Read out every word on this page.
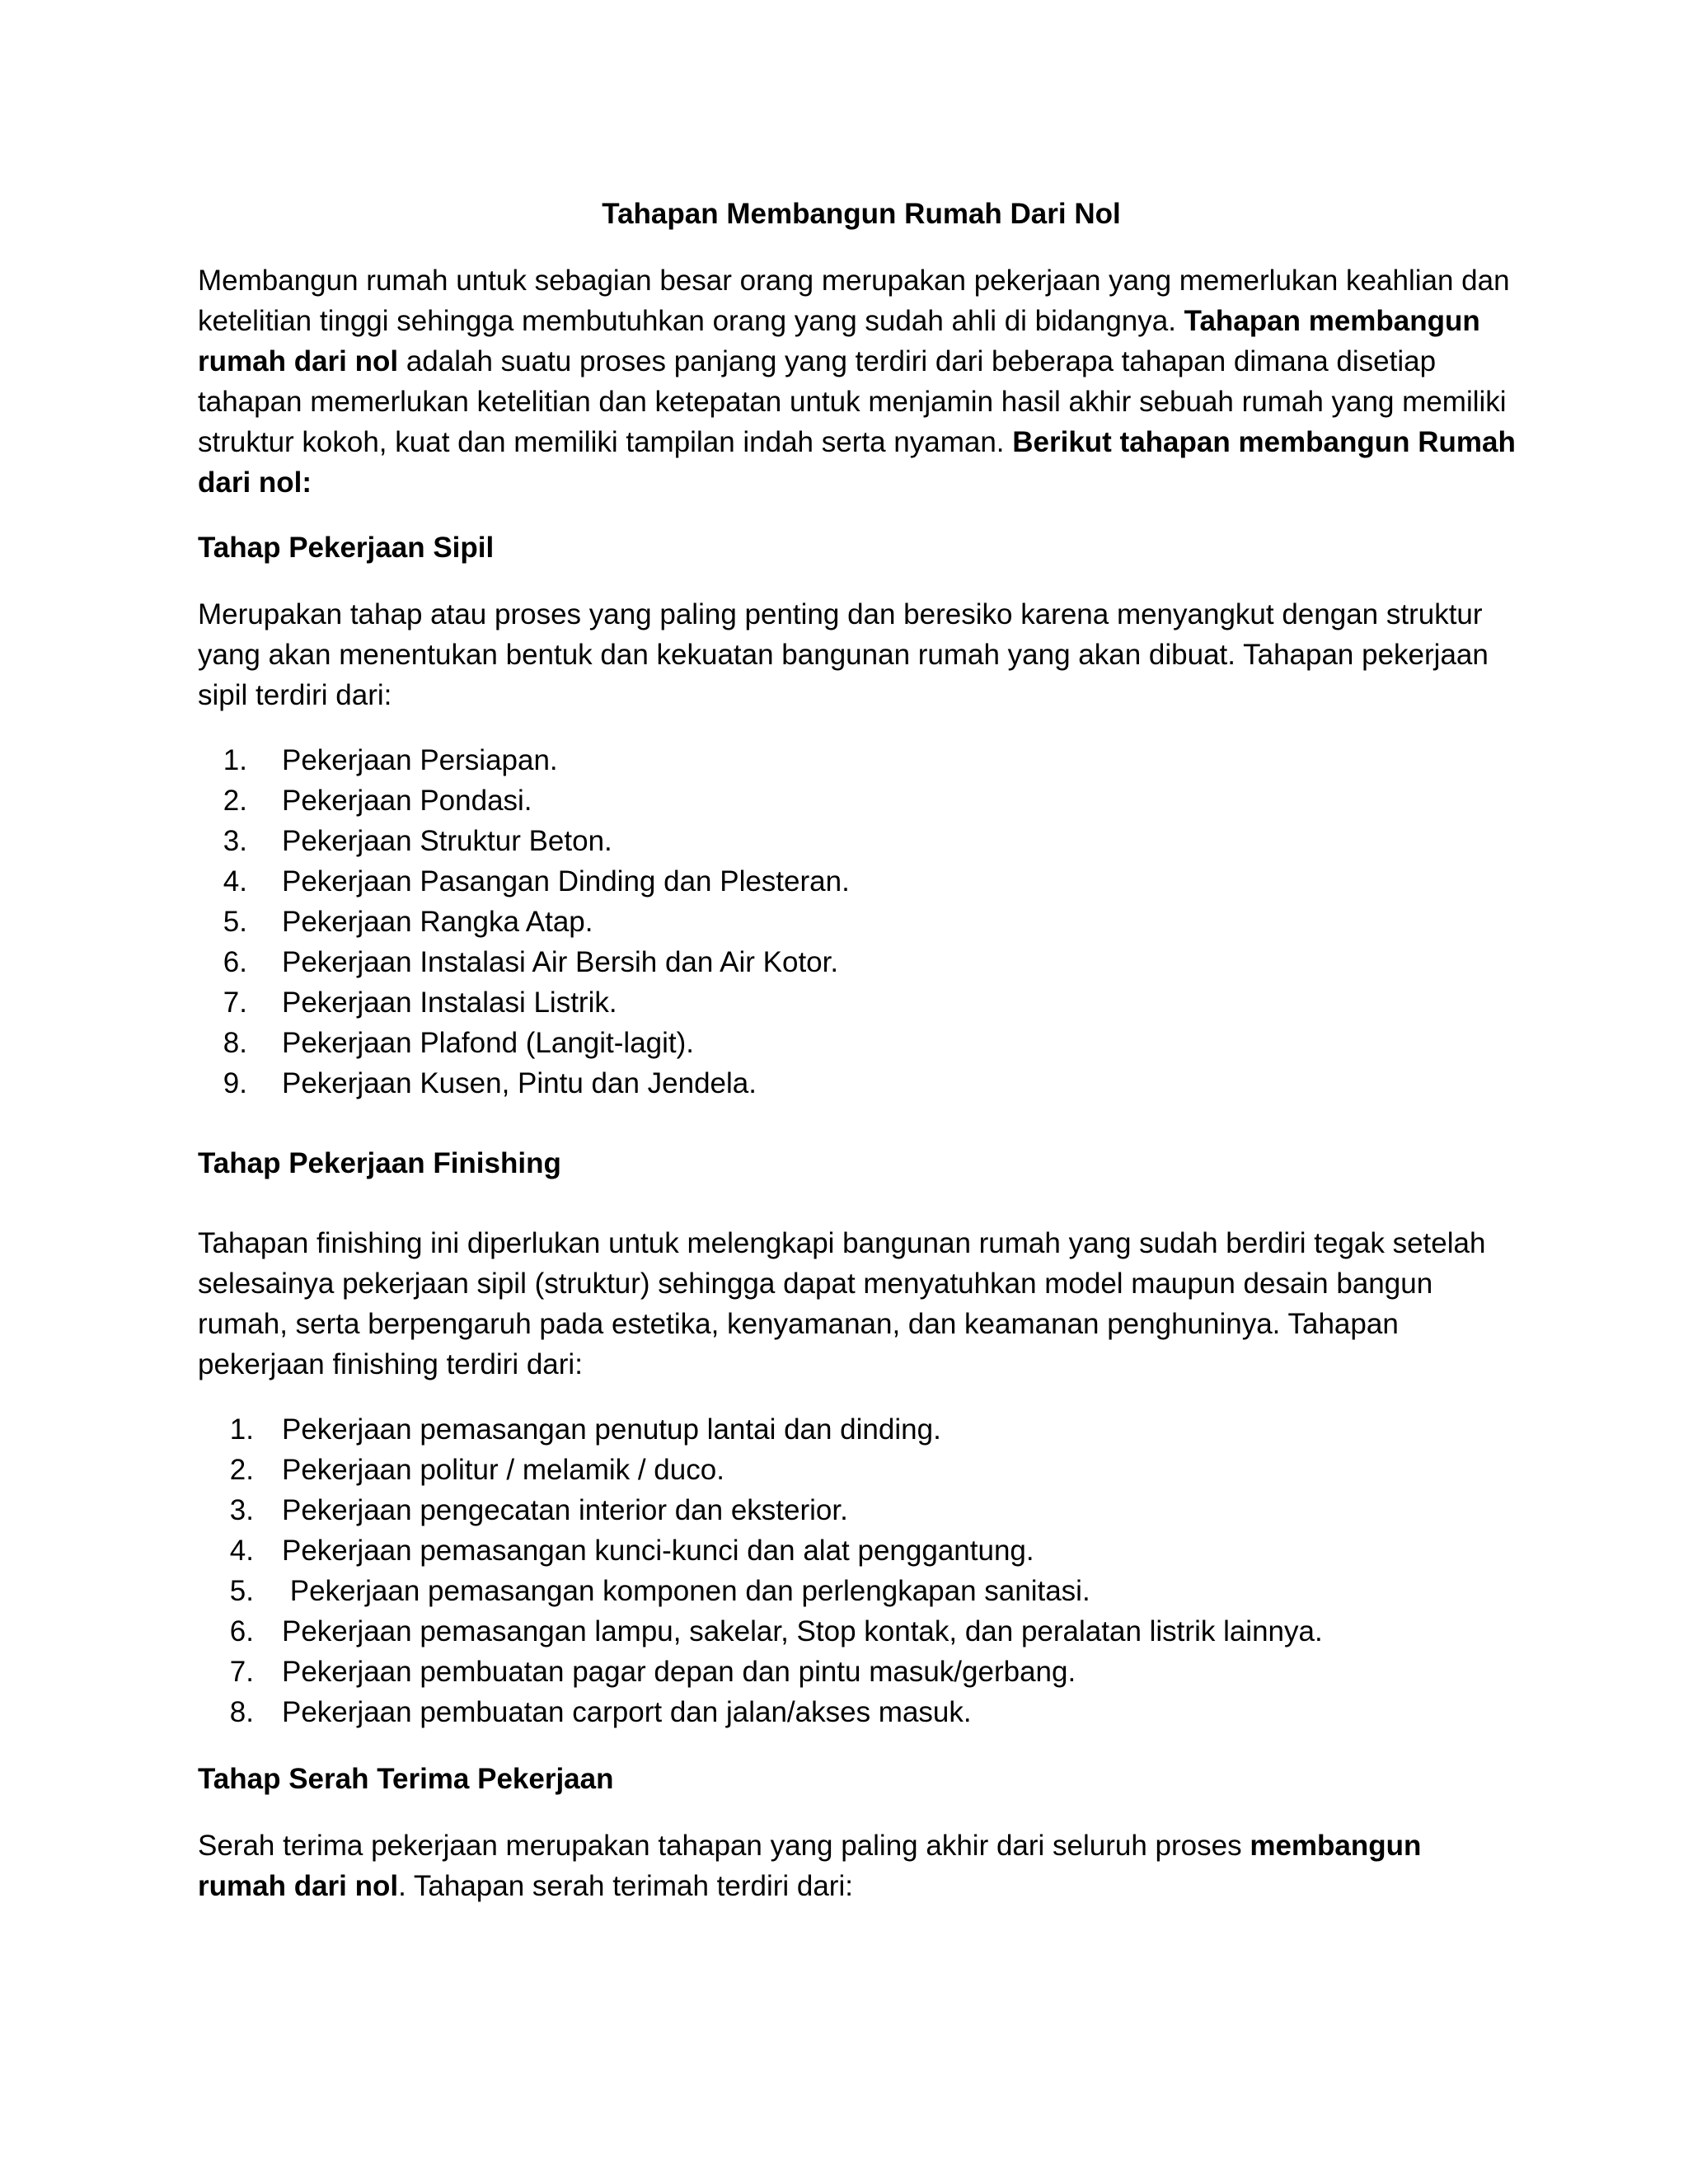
Tahapan Membangun Rumah Dari Nol

Membangun rumah untuk sebagian besar orang merupakan pekerjaan yang memerlukan keahlian dan ketelitian tinggi sehingga membutuhkan orang yang sudah ahli di bidangnya. Tahapan membangun rumah dari nol adalah suatu proses panjang yang terdiri dari beberapa tahapan dimana disetiap tahapan memerlukan ketelitian dan ketepatan untuk menjamin hasil akhir sebuah rumah yang memiliki struktur kokoh, kuat dan memiliki tampilan indah serta nyaman. Berikut tahapan membangun Rumah dari nol:

Tahap Pekerjaan Sipil

Merupakan tahap atau proses yang paling penting dan beresiko karena menyangkut dengan struktur yang akan menentukan bentuk dan kekuatan bangunan rumah yang akan dibuat. Tahapan pekerjaan sipil terdiri dari:

1. Pekerjaan Persiapan.
2. Pekerjaan Pondasi.
3. Pekerjaan Struktur Beton.
4. Pekerjaan Pasangan Dinding dan Plesteran.
5. Pekerjaan Rangka Atap.
6. Pekerjaan Instalasi Air Bersih dan Air Kotor.
7. Pekerjaan Instalasi Listrik.
8. Pekerjaan Plafond (Langit-lagit).
9. Pekerjaan Kusen, Pintu dan Jendela.

Tahap Pekerjaan Finishing

Tahapan finishing ini diperlukan untuk melengkapi bangunan rumah yang sudah berdiri tegak setelah selesainya pekerjaan sipil (struktur) sehingga dapat menyatuhkan model maupun desain bangun rumah, serta berpengaruh pada estetika, kenyamanan, dan keamanan penghuninya. Tahapan pekerjaan finishing terdiri dari:

1. Pekerjaan pemasangan penutup lantai dan dinding.
2. Pekerjaan politur / melamik / duco.
3. Pekerjaan pengecatan interior dan eksterior.
4. Pekerjaan pemasangan kunci-kunci dan alat penggantung.
5. Pekerjaan pemasangan komponen dan perlengkapan sanitasi.
6. Pekerjaan pemasangan lampu, sakelar, Stop kontak, dan peralatan listrik lainnya.
7. Pekerjaan pembuatan pagar depan dan pintu masuk/gerbang.
8. Pekerjaan pembuatan carport dan jalan/akses masuk.

Tahap Serah Terima Pekerjaan

Serah terima pekerjaan merupakan tahapan yang paling akhir dari seluruh proses membangun rumah dari nol. Tahapan serah terimah terdiri dari:
